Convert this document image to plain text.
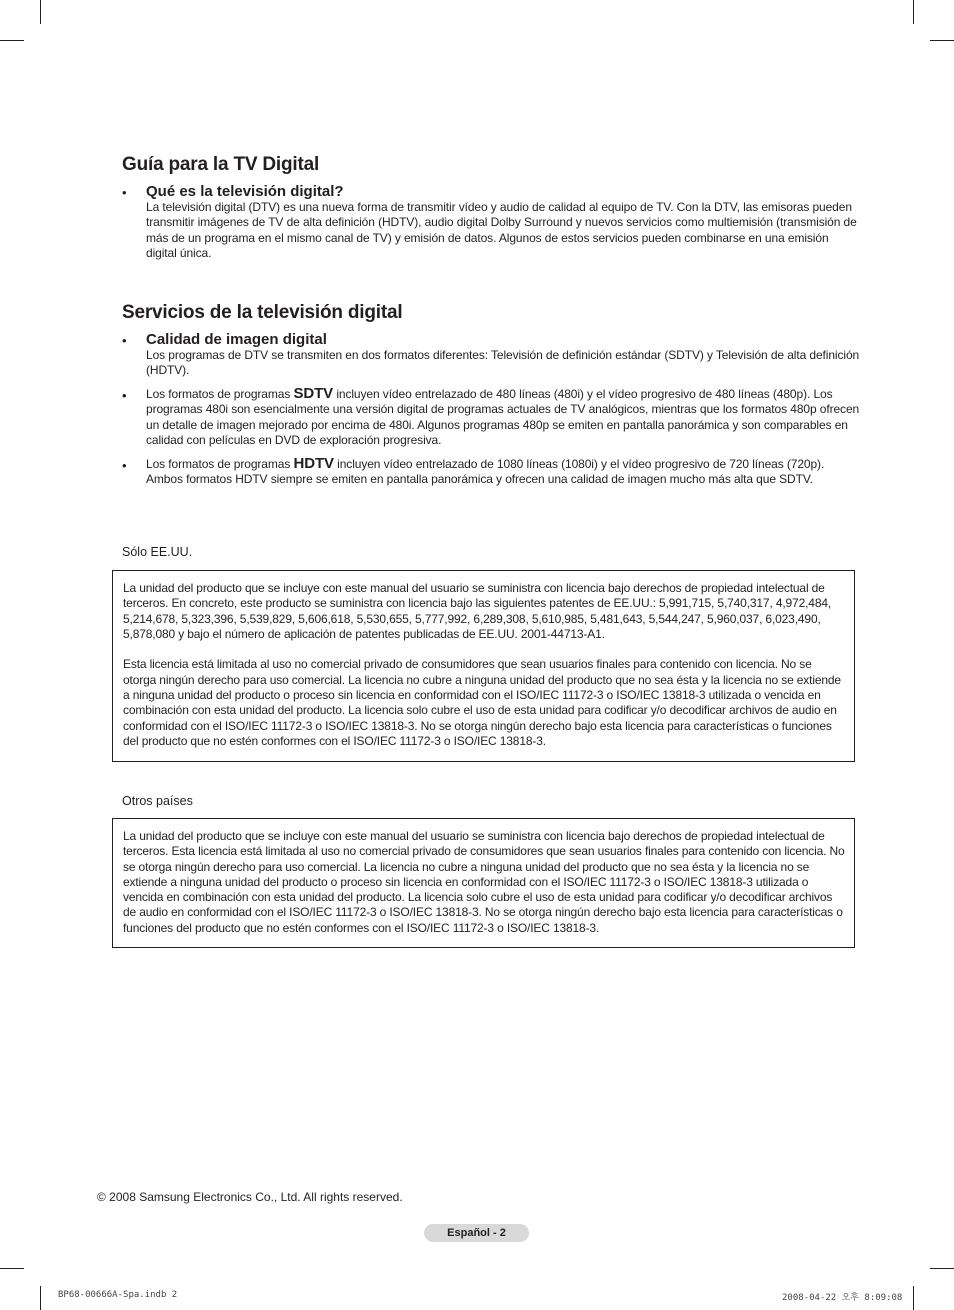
Guía para la TV Digital
• Qué es la televisión digital?
La televisión digital (DTV) es una nueva forma de transmitir vídeo y audio de calidad al equipo de TV. Con la DTV, las emisoras pueden transmitir imágenes de TV de alta definición (HDTV), audio digital Dolby Surround y nuevos servicios como multiemisión (transmisión de más de un programa en el mismo canal de TV) y emisión de datos. Algunos de estos servicios pueden combinarse en una emisión digital única.
Servicios de la televisión digital
• Calidad de imagen digital
Los programas de DTV se transmiten en dos formatos diferentes: Televisión de definición estándar (SDTV) y Televisión de alta definición (HDTV).
• Los formatos de programas SDTV incluyen vídeo entrelazado de 480 líneas (480i) y el vídeo progresivo de 480 líneas (480p). Los programas 480i son esencialmente una versión digital de programas actuales de TV analógicos, mientras que los formatos 480p ofrecen un detalle de imagen mejorado por encima de 480i. Algunos programas 480p se emiten en pantalla panorámica y son comparables en calidad con películas en DVD de exploración progresiva.
• Los formatos de programas HDTV incluyen vídeo entrelazado de 1080 líneas (1080i) y el vídeo progresivo de 720 líneas (720p). Ambos formatos HDTV siempre se emiten en pantalla panorámica y ofrecen una calidad de imagen mucho más alta que SDTV.
Sólo EE.UU.

La unidad del producto que se incluye con este manual del usuario se suministra con licencia bajo derechos de propiedad intelectual de terceros. En concreto, este producto se suministra con licencia bajo las siguientes patentes de EE.UU.: 5,991,715, 5,740,317, 4,972,484, 5,214,678, 5,323,396, 5,539,829, 5,606,618, 5,530,655, 5,777,992, 6,289,308, 5,610,985, 5,481,643, 5,544,247, 5,960,037, 6,023,490, 5,878,080 y bajo el número de aplicación de patentes publicadas de EE.UU. 2001-44713-A1.

Esta licencia está limitada al uso no comercial privado de consumidores que sean usuarios finales para contenido con licencia. No se otorga ningún derecho para uso comercial. La licencia no cubre a ninguna unidad del producto que no sea ésta y la licencia no se extiende a ninguna unidad del producto o proceso sin licencia en conformidad con el ISO/IEC 11172-3 o ISO/IEC 13818-3 utilizada o vencida en combinación con esta unidad del producto. La licencia solo cubre el uso de esta unidad para codificar y/o decodificar archivos de audio en conformidad con el ISO/IEC 11172-3 o ISO/IEC 13818-3. No se otorga ningún derecho bajo esta licencia para características o funciones del producto que no estén conformes con el ISO/IEC 11172-3 o ISO/IEC 13818-3.

Otros países

La unidad del producto que se incluye con este manual del usuario se suministra con licencia bajo derechos de propiedad intelectual de terceros. Esta licencia está limitada al uso no comercial privado de consumidores que sean usuarios finales para contenido con licencia. No se otorga ningún derecho para uso comercial. La licencia no cubre a ninguna unidad del producto que no sea ésta y la licencia no se extiende a ninguna unidad del producto o proceso sin licencia en conformidad con el ISO/IEC 11172-3 o ISO/IEC 13818-3 utilizada o vencida en combinación con esta unidad del producto. La licencia solo cubre el uso de esta unidad para codificar y/o decodificar archivos de audio en conformidad con el ISO/IEC 11172-3 o ISO/IEC 13818-3. No se otorga ningún derecho bajo esta licencia para características o funciones del producto que no estén conformes con el ISO/IEC 11172-3 o ISO/IEC 13818-3.

© 2008 Samsung Electronics Co., Ltd. All rights reserved.
Español - 2
BP68-00666A-Spa.indb 2	2008-04-22 오후 8:09:08
